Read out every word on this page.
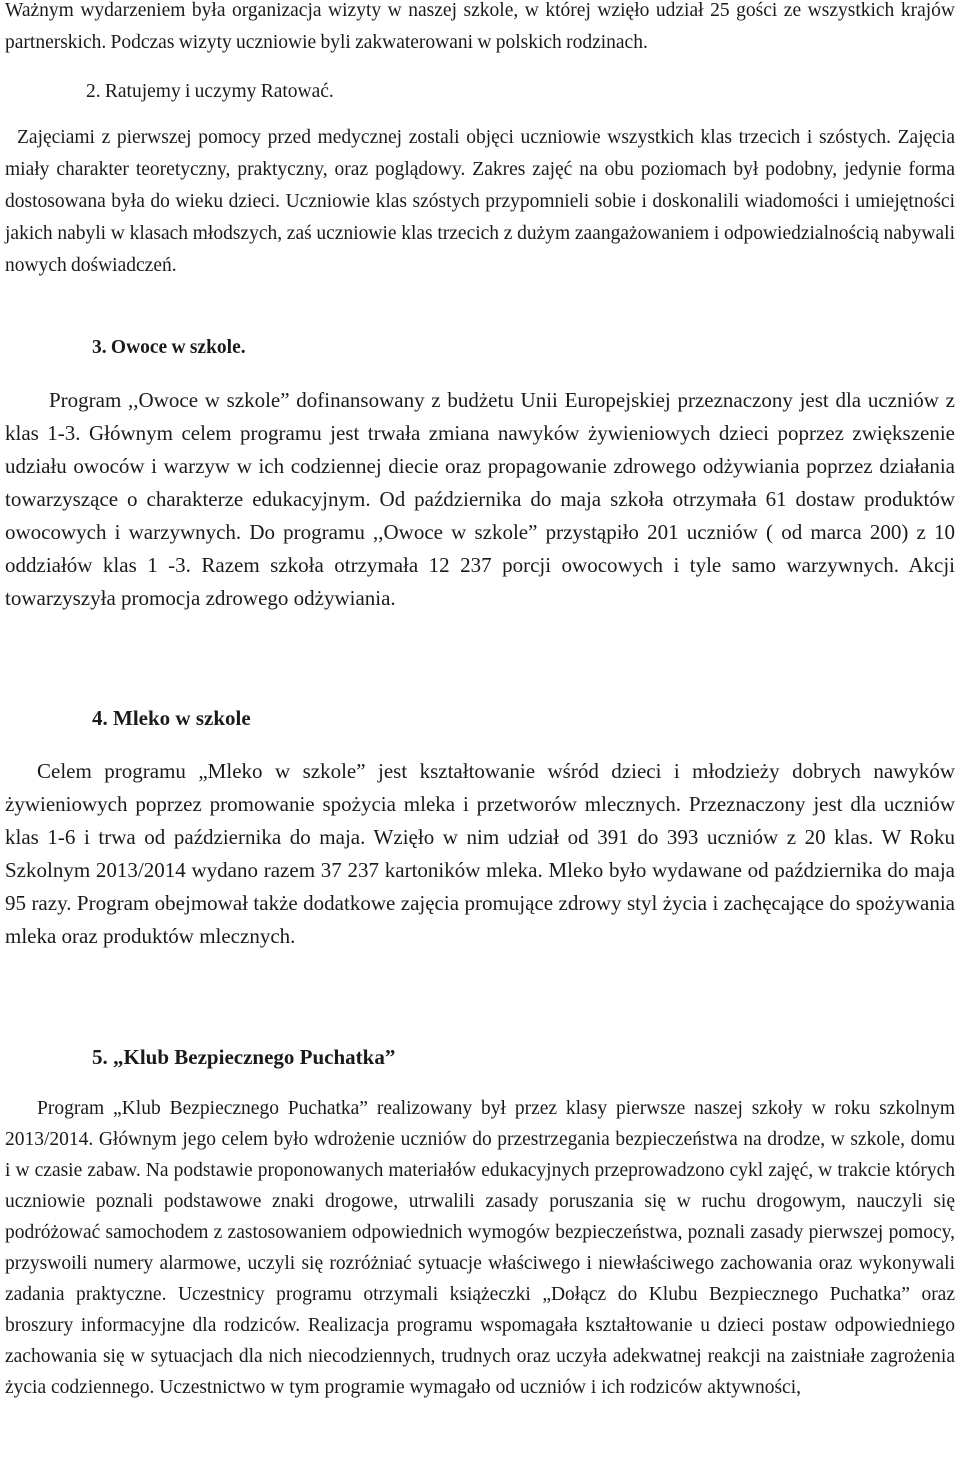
Ważnym wydarzeniem była organizacja wizyty w naszej szkole, w której wzięło udział 25 gości ze wszystkich krajów partnerskich. Podczas wizyty uczniowie byli zakwaterowani w polskich rodzinach.

2. Ratujemy i uczymy Ratować.

Zajęciami z pierwszej pomocy przed medycznej zostali objęci uczniowie wszystkich klas trzecich i szóstych. Zajęcia miały charakter teoretyczny, praktyczny, oraz poglądowy. Zakres zajęć na obu poziomach był podobny, jedynie forma dostosowana była do wieku dzieci. Uczniowie klas szóstych przypomnieli sobie i doskonalili wiadomości i umiejętności jakich nabyli w klasach młodszych, zaś uczniowie klas trzecich z dużym zaangażowaniem i odpowiedzialnością nabywali nowych doświadczeń.

3. Owoce w szkole.

Program ,,Owoce w szkole” dofinansowany z budżetu Unii Europejskiej przeznaczony jest dla uczniów z klas 1-3. Głównym celem programu jest trwała zmiana nawyków żywieniowych dzieci poprzez zwiększenie udziału owoców i warzyw w ich codziennej diecie oraz propagowanie zdrowego odżywiania poprzez działania towarzyszące o charakterze edukacyjnym. Od października do maja szkoła otrzymała 61 dostaw produktów owocowych i warzywnych. Do programu ,,Owoce w szkole” przystąpiło 201 uczniów ( od marca 200) z 10 oddziałów klas 1 -3. Razem szkoła otrzymała 12 237 porcji owocowych i tyle samo warzywnych. Akcji towarzyszyła promocja zdrowego odżywiania.

4. Mleko w szkole

Celem programu „Mleko w szkole” jest kształtowanie wśród dzieci i młodzieży dobrych nawyków żywieniowych poprzez promowanie spożycia mleka i przetworów mlecznych. Przeznaczony jest dla uczniów klas 1-6 i trwa od października do maja. Wzięło w nim udział od 391 do 393 uczniów z 20 klas. W Roku Szkolnym 2013/2014 wydano razem 37 237 kartoników mleka. Mleko było wydawane od października do maja 95 razy. Program obejmował także dodatkowe zajęcia promujące zdrowy styl życia i zachęcające do spożywania mleka oraz produktów mlecznych.

5. „Klub Bezpiecznego Puchatka”

Program „Klub Bezpiecznego Puchatka” realizowany był przez klasy pierwsze naszej szkoły w roku szkolnym 2013/2014. Głównym jego celem było wdrożenie uczniów do przestrzegania bezpieczeństwa na drodze, w szkole, domu i w czasie zabaw. Na podstawie proponowanych materiałów edukacyjnych przeprowadzono cykl zajęć, w trakcie których uczniowie poznali podstawowe znaki drogowe, utrwalili zasady poruszania się w ruchu drogowym, nauczyli się podróżować samochodem z zastosowaniem odpowiednich wymogów bezpieczeństwa, poznali zasady pierwszej pomocy, przyswoili numery alarmowe, uczyli się rozróżniać sytuacje właściwego i niewłaściwego zachowania oraz wykonywali zadania praktyczne. Uczestnicy programu otrzymali książeczki „Dołącz do Klubu Bezpiecznego Puchatka” oraz broszury informacyjne dla rodziców. Realizacja programu wspomagała kształtowanie u dzieci postaw odpowiedniego zachowania się w sytuacjach dla nich niecodziennych, trudnych oraz uczyła adekwatnej reakcji na zaistniałe zagrożenia życia codziennego. Uczestnictwo w tym programie wymagało od uczniów i ich rodziców aktywności,
